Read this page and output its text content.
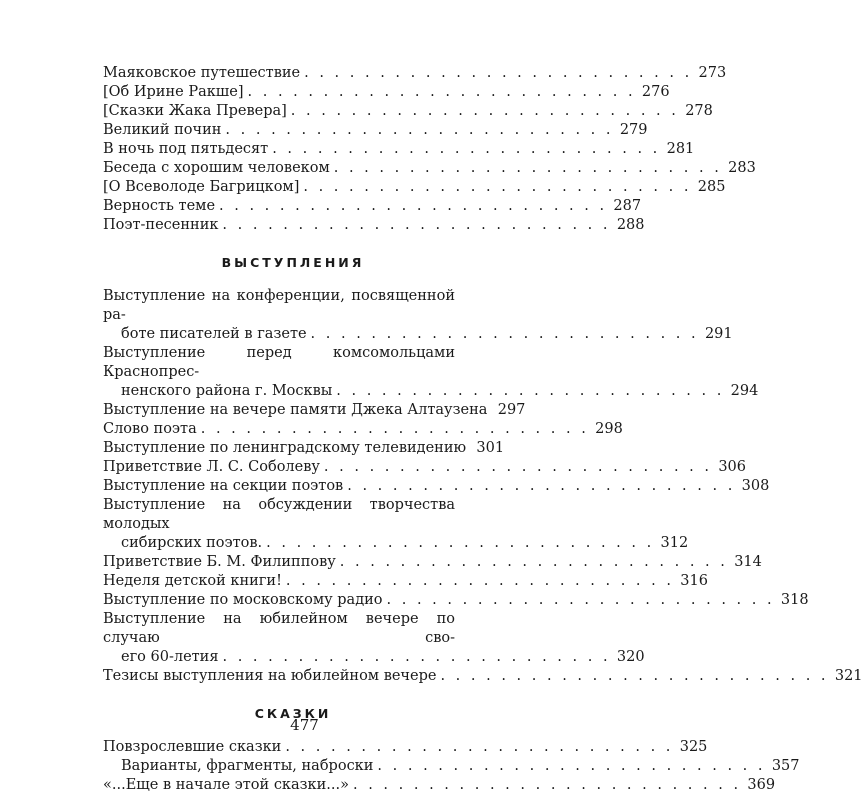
Маяковское путешествие . . . . . . . . . . . . . . . . . . . . . . . . . . 273
[Об Ирине Ракше] . . . . . . . . . . . . . . . . . . . . . . . . . . 276
[Сказки Жака Превера] . . . . . . . . . . . . . . . . . . . . . . . . . . 278
Великий почин . . . . . . . . . . . . . . . . . . . . . . . . . . 279
В ночь под пятьдесят . . . . . . . . . . . . . . . . . . . . . . . . . . 281
Беседа с хорошим человеком . . . . . . . . . . . . . . . . . . . . . . . . . . 283
[О Всеволоде Багрицком] . . . . . . . . . . . . . . . . . . . . . . . . . . 285
Верность теме . . . . . . . . . . . . . . . . . . . . . . . . . . 287
Поэт-песенник . . . . . . . . . . . . . . . . . . . . . . . . . . 288
ВЫСТУПЛЕНИЯ
Выступление на конференции, посвященной ра-
боте писателей в газете . . . . . . . . . . . . . . . . . . . . . . . . . . 291
Выступление перед комсомольцами Краснопрес-
ненского района г. Москвы . . . . . . . . . . . . . . . . . . . . . . . . . . 294
Выступление на вечере памяти Джека Алтаузена 297
Слово поэта . . . . . . . . . . . . . . . . . . . . . . . . . . 298
Выступление по ленинградскому телевидению 301
Приветствие Л. С. Соболеву . . . . . . . . . . . . . . . . . . . . . . . . . . 306
Выступление на секции поэтов . . . . . . . . . . . . . . . . . . . . . . . . . . 308
Выступление на обсуждении творчества молодых
сибирских поэтов. . . . . . . . . . . . . . . . . . . . . . . . . . . 312
Приветствие Б. М. Филиппову . . . . . . . . . . . . . . . . . . . . . . . . . . 314
Неделя детской книги! . . . . . . . . . . . . . . . . . . . . . . . . . . 316
Выступление по московскому радио . . . . . . . . . . . . . . . . . . . . . . . . . . 318
Выступление на юбилейном вечере по случаю сво-
его 60-летия . . . . . . . . . . . . . . . . . . . . . . . . . . 320
Тезисы выступления на юбилейном вечере . . . . . . . . . . . . . . . . . . . . . . . . . . 321
СКАЗКИ
Повзрослевшие сказки . . . . . . . . . . . . . . . . . . . . . . . . . . 325
Варианты, фрагменты, наброски . . . . . . . . . . . . . . . . . . . . . . . . . . 357
«...Еще в начале этой сказки...» . . . . . . . . . . . . . . . . . . . . . . . . . . 369
477
